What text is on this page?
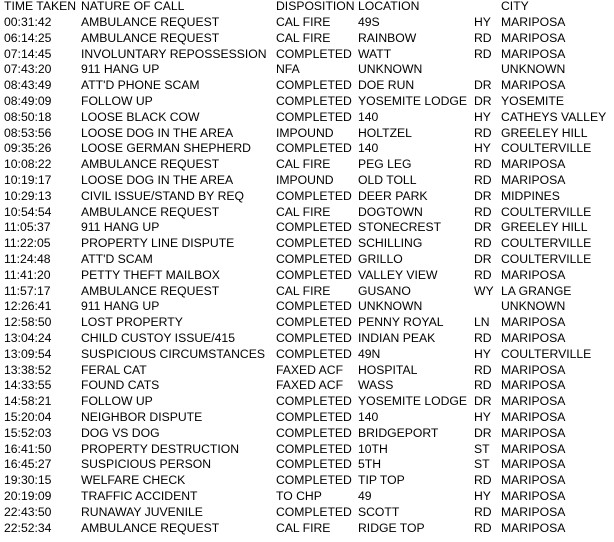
TIME TAKEN NATURE OF CALL	DISPOSITION LOCATION	CITY
00:31:42 AMBULANCE REQUEST	CAL FIRE 49S	HY MARIPOSA
06:14:25 AMBULANCE REQUEST	CAL FIRE RAINBOW	RD MARIPOSA
07:14:45 INVOLUNTARY REPOSSESSION COMPLETED WATT	RD MARIPOSA
07:43:20 911 HANG UP	NFA	UNKNOWN	UNKNOWN
08:43:49 ATT'D PHONE SCAM	COMPLETED DOE RUN	DR MARIPOSA
08:49:09 FOLLOW UP	COMPLETED YOSEMITE LODGE DR YOSEMITE
08:50:18 LOOSE BLACK COW	COMPLETED 140	HY CATHEYS VALLEY
08:53:56 LOOSE DOG IN THE AREA	IMPOUND HOLTZEL	RD GREELEY HILL
09:35:26 LOOSE GERMAN SHEPHERD COMPLETED 140	HY COULTERVILLE
10:08:22 AMBULANCE REQUEST	CAL FIRE PEG LEG	RD MARIPOSA
10:19:17 LOOSE DOG IN THE AREA	IMPOUND OLD TOLL	RD MARIPOSA
10:29:13 CIVIL ISSUE/STAND BY REQ	COMPLETED DEER PARK	DR MIDPINES
10:54:54 AMBULANCE REQUEST	CAL FIRE DOGTOWN	RD COULTERVILLE
11:05:37 911 HANG UP	COMPLETED STONECREST	DR GREELEY HILL
11:22:05 PROPERTY LINE DISPUTE	COMPLETED SCHILLING	RD COULTERVILLE
11:24:48 ATT'D SCAM	COMPLETED GRILLO	DR COULTERVILLE
11:41:20 PETTY THEFT MAILBOX	COMPLETED VALLEY VIEW	RD MARIPOSA
11:57:17 AMBULANCE REQUEST	CAL FIRE GUSANO	WY LA GRANGE
12:26:41 911 HANG UP	COMPLETED UNKNOWN	UNKNOWN
12:58:50 LOST PROPERTY	COMPLETED PENNY ROYAL LN MARIPOSA
13:04:24 CHILD CUSTOY ISSUE/415	COMPLETED INDIAN PEAK	RD MARIPOSA
13:09:54 SUSPICIOUS CIRCUMSTANCES COMPLETED 49N	HY COULTERVILLE
13:38:52 FERAL CAT	FAXED ACF HOSPITAL	RD MARIPOSA
14:33:55 FOUND CATS	FAXED ACF WASS	RD MARIPOSA
14:58:21 FOLLOW UP	COMPLETED YOSEMITE LODGE DR MARIPOSA
15:20:04 NEIGHBOR DISPUTE	COMPLETED 140	HY MARIPOSA
15:52:03 DOG VS DOG	COMPLETED BRIDGEPORT	DR MARIPOSA
16:41:50 PROPERTY DESTRUCTION	COMPLETED 10TH	ST MARIPOSA
16:45:27 SUSPICIOUS PERSON	COMPLETED 5TH	ST MARIPOSA
19:30:15 WELFARE CHECK	COMPLETED TIP TOP	RD MARIPOSA
20:19:09 TRAFFIC ACCIDENT	TO CHP	49	HY MARIPOSA
22:43:50 RUNAWAY JUVENILE	COMPLETED SCOTT	RD MARIPOSA
22:52:34 AMBULANCE REQUEST	CAL FIRE RIDGE TOP	RD MARIPOSA
